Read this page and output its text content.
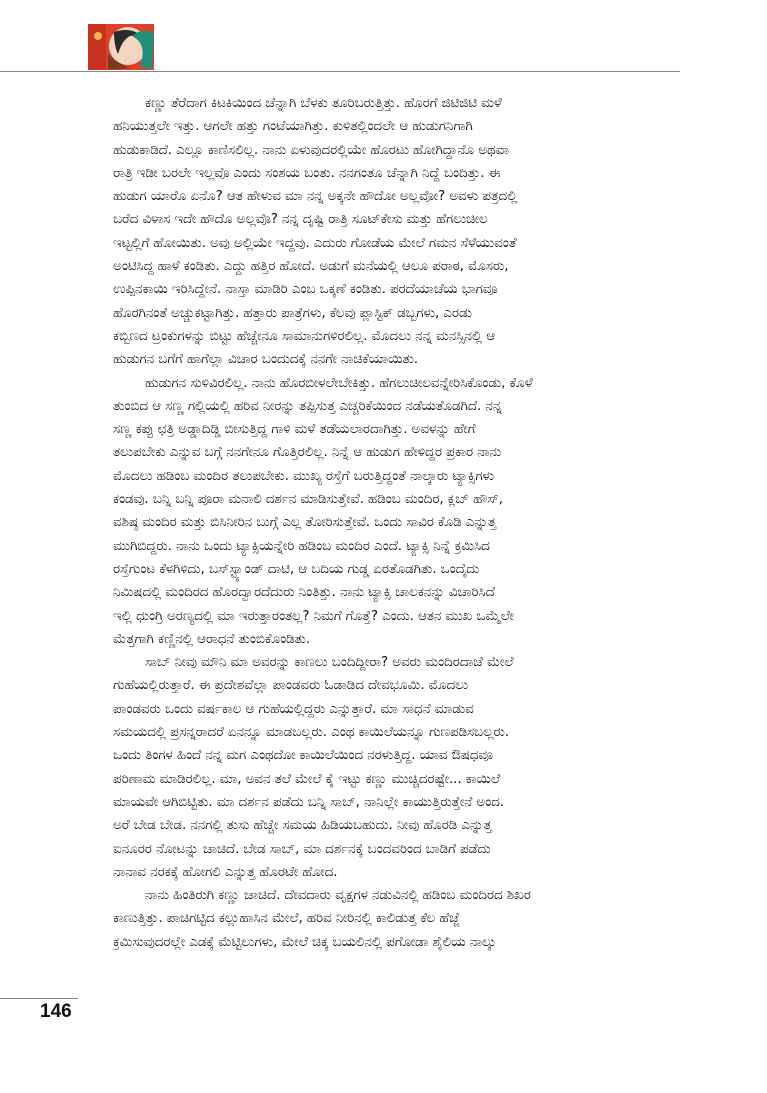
ಕಣ್ಣು ತೆರೆದಾಗ ಕಿಟಕಿಯಿಂದ ಚೆನ್ನಾಗಿ ಬೆಳಕು ತೂರಿಬರುತ್ತಿತ್ತು. ಹೊರಗೆ ಜಿಟಿಜಿಟಿ ಮಳೆ

ಹನಿಯುತ್ತಲೇ ಇತ್ತು. ಆಗಲೇ ಹತ್ತು ಗಂಟೆಯಾಗಿತ್ತು. ಕುಳಿತಲ್ಲಿಂದಲೇ ಆ ಹುಡುಗನಿಗಾಗಿ

ಹುಡುಕಾಡಿದೆ. ಎಲ್ಲೂ ಕಾಣಿಸಲಿಲ್ಲ. ನಾನು ಏಳುವುದರಲ್ಲಿಯೇ ಹೊರಟು ಹೋಗಿದ್ದಾನೊ ಅಥವಾ

ರಾತ್ರಿ ಇಡೀ ಬರಲೇ ಇಲ್ಲವೊ ಎಂದು ಸಂಶಯ ಬಂತು. ನನಗಂತೂ ಚೆನ್ನಾಗಿ ನಿದ್ದೆ ಬಂದಿತ್ತು. ಈ

ಹುಡುಗ ಯಾರೊ ಏನೊ? ಆತ ಹೇಳುವ ಮಾ ನನ್ನ ಅಕ್ಕನೇ ಹೌದೋ ಅಲ್ಲವೋ? ಅವಳು ಪತ್ರದಲ್ಲಿ

ಬರೆದ ವಿಳಾಸ ಇದೇ ಹೌದೊ ಅಲ್ಲವೊ? ನನ್ನ ದೃಷ್ಟಿ ರಾತ್ರಿ ಸೂಟ್‌ಕೇಸು ಮತ್ತು ಹೆಗಲುಚೀಲ

ಇಟ್ಟಲ್ಲಿಗೆ ಹೋಯಿತು. ಅವು ಅಲ್ಲಿಯೇ ಇದ್ದವು. ಎದುರು ಗೋಡೆಯ ಮೇಲೆ ಗಮನ ಸೆಳೆಯುವಂತೆ

ಅಂಟಿಸಿದ್ದ ಹಾಳೆ ಕಂಡಿತು. ಎದ್ದು ಹತ್ತಿರ ಹೋದೆ. ಅಡುಗೆ ಮನೆಯಲ್ಲಿ ಆಲೂ ಪರಾಠ, ಮೊಸರು,

ಉಪ್ಪಿನಕಾಯಿ ಇರಿಸಿದ್ದೇನೆ. ನಾಸ್ತಾ ಮಾಡಿರಿ ಎಂಬ ಒಕ್ಕಣೆ ಕಂಡಿತು. ಪರದೆಯಾಚೆಯ ಭಾಗವೂ

ಹೊರಗಿನಂತೆ ಅಚ್ಚುಕಟ್ಟಾಗಿತ್ತು. ಹತ್ತಾರು ಪಾತ್ರೆಗಳು, ಕೆಲವು ಪ್ಲಾಸ್ಟಿಕ್ ಡಬ್ಬಗಳು, ಎರಡು

ಕಬ್ಬಿಣದ ಟ್ರಂಕುಗಳನ್ನು ಬಿಟ್ಟು ಹೆಚ್ಚೇನೂ ಸಾಮಾನುಗಳಿರಲಿಲ್ಲ. ಮೊದಲು ನನ್ನ ಮನಸ್ಸಿನಲ್ಲಿ ಆ

ಹುಡುಗನ ಬಗೆಗೆ ಹಾಗೆಲ್ಲಾ ವಿಚಾರ ಬಂದುದಕ್ಕೆ ನನಗೇ ನಾಚಿಕೆಯಾಯಿತು.

ಹುಡುಗನ ಸುಳಿವಿರಲಿಲ್ಲ. ನಾನು ಹೊರಬೀಳಲೇಬೇಕಿತ್ತು. ಹೆಗಲುಚೀಲವನ್ನೇರಿಸಿಕೊಂಡು, ಕೊಳೆ

ತುಂಬಿದ ಆ ಸಣ್ಣ ಗಲ್ಲಿಯಲ್ಲಿ ಹರಿವ ನೀರನ್ನು ತಪ್ಪಿಸುತ್ತ ಎಚ್ಚರಿಕೆಯಿಂದ ನಡೆಯತೊಡಗಿದೆ. ನನ್ನ

ಸಣ್ಣ ಕಪ್ಪು ಛತ್ರಿ ಅಡ್ಡಾದಿಡ್ಡಿ ಬೀಸುತ್ತಿದ್ದ ಗಾಳಿ ಮಳೆ ತಡೆಯಲಾರದಾಗಿತ್ತು. ಅವಳನ್ನು ಹೇಗೆ

ತಲುಪಬೇಕು ಎನ್ನುವ ಬಗ್ಗೆ ನನಗೇನೂ ಗೊತ್ತಿರಲಿಲ್ಲ. ನಿನ್ನೆ ಆ ಹುಡುಗ ಹೇಳಿದ್ದರ ಪ್ರಕಾರ ನಾನು

ಮೊದಲು ಹಡಿಂಬ ಮಂದಿರ ತಲುಪಬೇಕು. ಮುಖ್ಯ ರಸ್ತೆಗೆ ಬರುತ್ತಿದ್ದಂತೆ ನಾಲ್ಕಾರು ಟ್ಯಾಕ್ಸಿಗಳು

ಕಂಡವು. ಬನ್ನಿ ಬನ್ನಿ ಪೂರಾ ಮನಾಲಿ ದರ್ಶನ ಮಾಡಿಸುತ್ತೇವೆ. ಹಡಿಂಬ ಮಂದಿರ, ಕ್ಲಬ್ ಹೌಸ್,

ವಶಿಷ್ಠ ಮಂದಿರ ಮತ್ತು ಬಿಸಿನೀರಿನ ಬುಗ್ಗೆ ಎಲ್ಲ ತೋರಿಸುತ್ತೇವೆ. ಒಂದು ಸಾವಿರ ಕೊಡಿ ಎನ್ನುತ್ತ

ಮುಗಿಬಿದ್ದರು. ನಾನು ಒಂದು ಟ್ಯಾಕ್ಸಿಯನ್ನೇರಿ ಹಡಿಂಬ ಮಂದಿರ ಎಂದೆ. ಟ್ಯಾಕ್ಸಿ ನಿನ್ನೆ ಕ್ರಮಿಸಿದ

ರಸ್ತೆಗುಂಟ ಕೆಳಗಿಳಿದು, ಬಸ್‌ಸ್ಟ್ಯಾಂಡ್ ದಾಟಿ, ಆ ಬದಿಯ ಗುಡ್ಡ ಏರತೊಡಗಿತು. ಒಂದೈದು

ನಿಮಿಷದಲ್ಲಿ ಮಂದಿರದ ಹೊರದ್ವಾರದೆದುರು ನಿಂತಿತ್ತು. ನಾನು ಟ್ಯಾಕ್ಸಿ ಚಾಲಕನನ್ನು ವಿಚಾರಿಸಿದೆ

ಇಲ್ಲಿ ಧುಂಗ್ರಿ ಅರಣ್ಯದಲ್ಲಿ ಮಾ ಇರುತ್ತಾರಂತಲ್ಲ? ನಿಮಗೆ ಗೊತ್ತೆ? ಎಂದು. ಆತನ ಮುಖ ಒಮ್ಮೆಲೇ

ಮೆತ್ತಗಾಗಿ ಕಣ್ಣಿನಲ್ಲಿ ಆರಾಧನೆ ತುಂಬಿಕೊಂಡಿತು.

ಸಾಬ್ ನೀವು ಮೌನಿ ಮಾ ಅವರನ್ನು ಕಾಣಲು ಬಂದಿದ್ದೀರಾ? ಅವರು ಮಂದಿರದಾಚೆ ಮೇಲೆ

ಗುಹೆಯಲ್ಲಿರುತ್ತಾರೆ. ಈ ಪ್ರದೇಶವೆಲ್ಲಾ ಪಾಂಡವರು ಓಡಾಡಿದ ದೇವಭೂಮಿ. ಮೊದಲು

ಪಾಂಡವರು ಒಂದು ವರ್ಷಕಾಲ ಆ ಗುಹೆಯಲ್ಲಿದ್ದರು ಎನ್ನುತ್ತಾರೆ. ಮಾ ಸಾಧನೆ ಮಾಡುವ

ಸಮಯದಲ್ಲಿ ಪ್ರಸನ್ನರಾದರೆ ಏನನ್ನೂ ಮಾಡಬಲ್ಲರು. ಎಂಥ ಕಾಯಿಲೆಯನ್ನೂ ಗುಣಪಡಿಸಬಲ್ಲರು.

ಒಂದು ತಿಂಗಳ ಹಿಂದೆ ನನ್ನ ಮಗ ಎಂಥದೋ ಕಾಯಿಲೆಯಿಂದ ನರಳುತ್ತಿದ್ದ. ಯಾವ ಔಷಧವೂ

ಪರಿಣಾಮ ಮಾಡಿರಲಿಲ್ಲ. ಮಾ, ಅವನ ತಲೆ ಮೇಲೆ ಕೈ ಇಟ್ಟು ಕಣ್ಣು ಮುಚ್ಚಿದರಷ್ಟೇ... ಕಾಯಿಲೆ

ಮಾಯವೇ ಆಗಿಬಿಟ್ಟಿತು. ಮಾ ದರ್ಶನ ಪಡೆದು ಬನ್ನಿ ಸಾಬ್, ನಾನಿಲ್ಲೇ ಕಾಯುತ್ತಿರುತ್ತೇನೆ ಅಂದ.

ಅರೆ ಬೇಡ ಬೇಡ. ನನಗಲ್ಲಿ ತುಸು ಹೆಚ್ಚೇ ಸಮಯ ಹಿಡಿಯಬಹುದು. ನೀವು ಹೊರಡಿ ಎನ್ನುತ್ತ

ಐನೂರರ ನೋಟನ್ನು ಚಾಚಿದೆ. ಬೇಡ ಸಾಬ್, ಮಾ ದರ್ಶನಕ್ಕೆ ಬಂದವರಿಂದ ಬಾಡಿಗೆ ಪಡೆದು

ನಾನಾವ ನರಕಕ್ಕೆ ಹೋಗಲಿ ಎನ್ನುತ್ತ ಹೊರಟೇ ಹೋದ.

ನಾನು ಹಿಂತಿರುಗಿ ಕಣ್ಣು ಚಾಚಿದೆ. ದೇವದಾರು ವೃಕ್ಷಗಳ ನಡುವಿನಲ್ಲಿ ಹಡಿಂಬ ಮಂದಿರದ ಶಿಖರ

ಕಾಣುತ್ತಿತ್ತು. ಪಾಚಿಗಟ್ಟಿದ ಕಲ್ಲುಹಾಸಿನ ಮೇಲೆ, ಹರಿವ ನೀರಿನಲ್ಲಿ ಕಾಲಿಡುತ್ತ ಕೆಲ ಹೆಜ್ಜೆ

ಕ್ರಮಿಸುವುದರಲ್ಲೇ ಎಡಕ್ಕೆ ಮೆಟ್ಟಿಲುಗಳು, ಮೇಲೆ ಚಿಕ್ಕ ಬಯಲಿನಲ್ಲಿ ಪಗೋಡಾ ಶೈಲಿಯ ನಾಲ್ಕು

146
